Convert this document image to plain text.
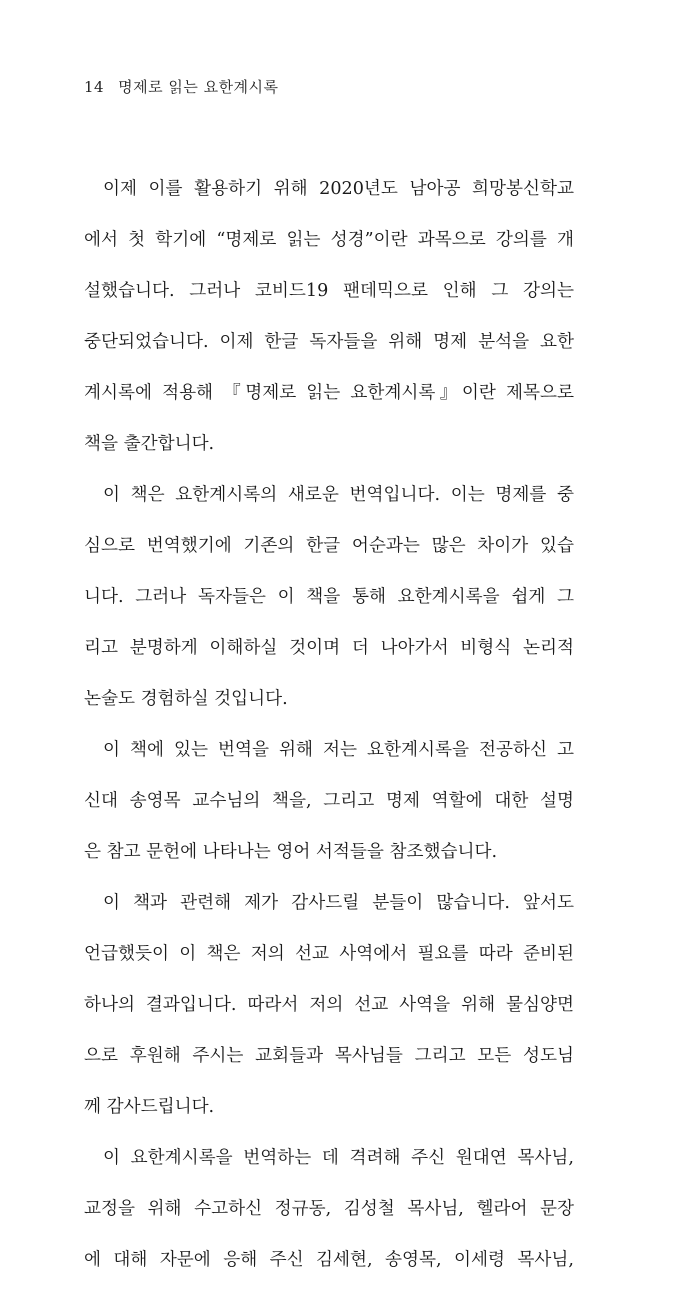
14 명제로 읽는 요한계시록
이제 이를 활용하기 위해 2020년도 남아공 희망봉신학교
에서 첫 학기에 “명제로 읽는 성경”이란 과목으로 강의를 개
설했습니다. 그러나 코비드19 팬데믹으로 인해 그 강의는
중단되었습니다. 이제 한글 독자들을 위해 명제 분석을 요한
계시록에 적용해 『명제로 읽는 요한계시록』이란 제목으로
책을 출간합니다.
이 책은 요한계시록의 새로운 번역입니다. 이는 명제를 중
심으로 번역했기에 기존의 한글 어순과는 많은 차이가 있습
니다. 그러나 독자들은 이 책을 통해 요한계시록을 쉽게 그
리고 분명하게 이해하실 것이며 더 나아가서 비형식 논리적
논술도 경험하실 것입니다.
이 책에 있는 번역을 위해 저는 요한계시록을 전공하신 고
신대 송영목 교수님의 책을, 그리고 명제 역할에 대한 설명
은 참고 문헌에 나타나는 영어 서적들을 참조했습니다.
이 책과 관련해 제가 감사드릴 분들이 많습니다. 앞서도
언급했듯이 이 책은 저의 선교 사역에서 필요를 따라 준비된
하나의 결과입니다. 따라서 저의 선교 사역을 위해 물심양면
으로 후원해 주시는 교회들과 목사님들 그리고 모든 성도님
께 감사드립니다.
이 요한계시록을 번역하는 데 격려해 주신 원대연 목사님,
교정을 위해 수고하신 정규동, 김성철 목사님, 헬라어 문장
에 대해 자문에 응해 주신 김세현, 송영목, 이세령 목사님,
